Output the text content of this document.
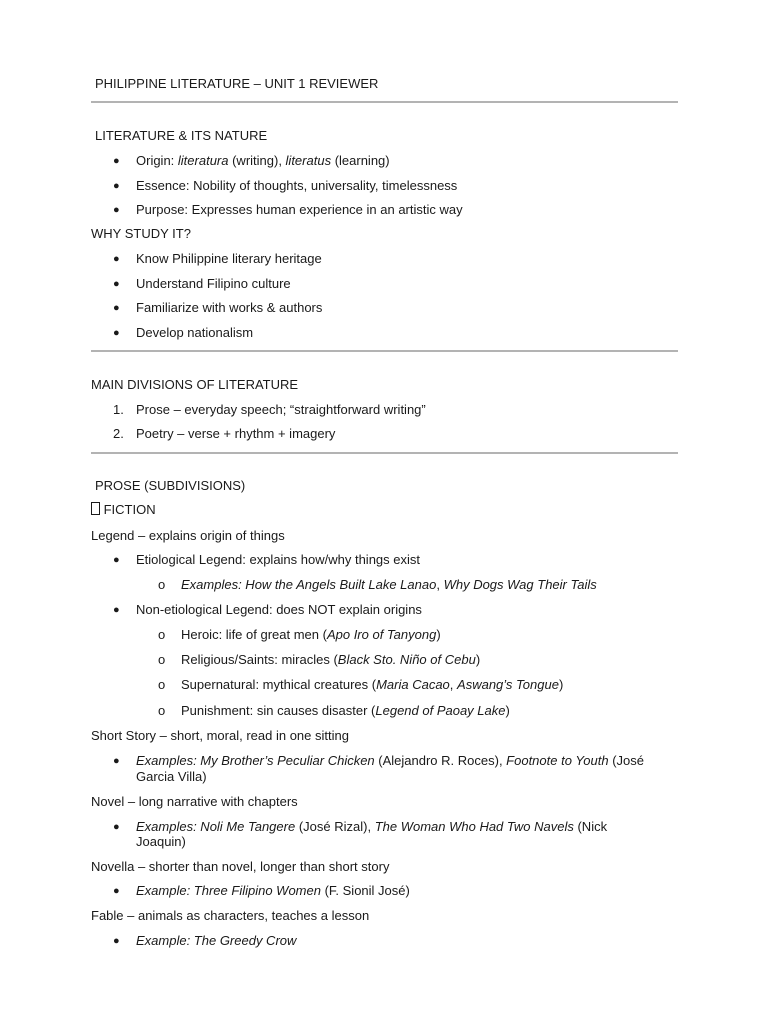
PHILIPPINE LITERATURE – UNIT 1 REVIEWER
LITERATURE & ITS NATURE
● Origin: literatura (writing), literatus (learning)
● Essence: Nobility of thoughts, universality, timelessness
● Purpose: Expresses human experience in an artistic way
WHY STUDY IT?
● Know Philippine literary heritage
● Understand Filipino culture
● Familiarize with works & authors
● Develop nationalism
MAIN DIVISIONS OF LITERATURE
1. Prose – everyday speech; “straightforward writing”
2. Poetry – verse + rhythm + imagery
PROSE (SUBDIVISIONS)
FICTION
Legend – explains origin of things
● Etiological Legend: explains how/why things exist
o Examples: How the Angels Built Lake Lanao, Why Dogs Wag Their Tails
● Non-etiological Legend: does NOT explain origins
o Heroic: life of great men (Apo Iro of Tanyong)
o Religious/Saints: miracles (Black Sto. Niño of Cebu)
o Supernatural: mythical creatures (Maria Cacao, Aswang’s Tongue)
o Punishment: sin causes disaster (Legend of Paoay Lake)
Short Story – short, moral, read in one sitting
● Examples: My Brother’s Peculiar Chicken (Alejandro R. Roces), Footnote to Youth (José
Garcia Villa)
Novel – long narrative with chapters
● Examples: Noli Me Tangere (José Rizal), The Woman Who Had Two Navels (Nick
Joaquin)
Novella – shorter than novel, longer than short story
● Example: Three Filipino Women (F. Sionil José)
Fable – animals as characters, teaches a lesson
● Example: The Greedy Crow
